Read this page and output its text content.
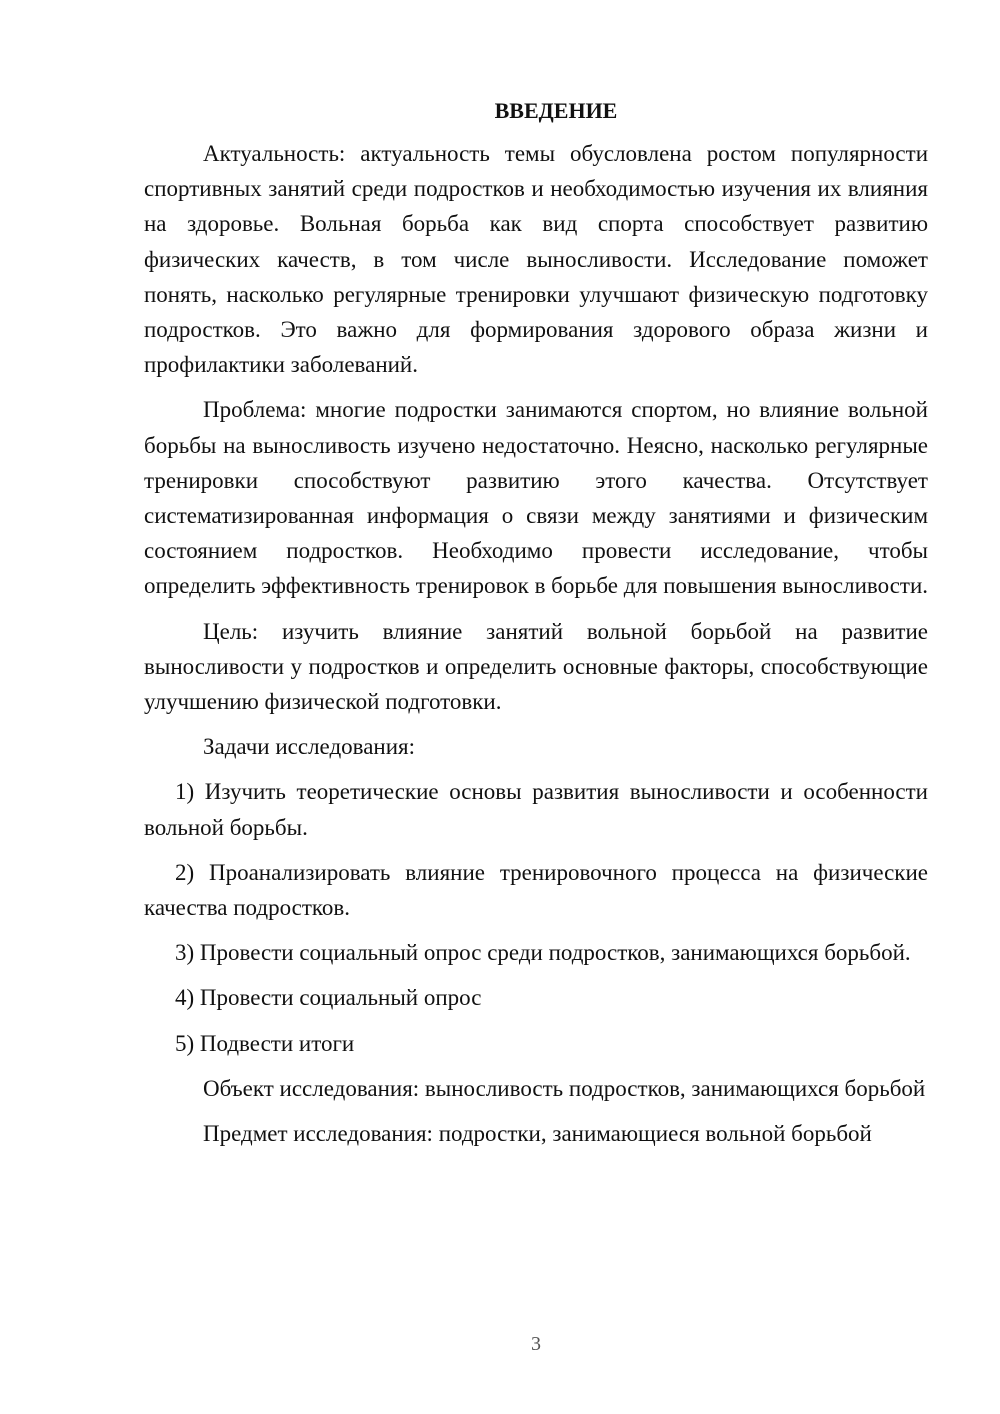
ВВЕДЕНИЕ

Актуальность: актуальность темы обусловлена ростом популярности спортивных занятий среди подростков и необходимостью изучения их влияния на здоровье. Вольная борьба как вид спорта способствует развитию физических качеств, в том числе выносливости. Исследование поможет понять, насколько регулярные тренировки улучшают физическую подготовку подростков. Это важно для формирования здорового образа жизни и профилактики заболеваний.

Проблема: многие подростки занимаются спортом, но влияние вольной борьбы на выносливость изучено недостаточно. Неясно, насколько регулярные тренировки способствуют развитию этого качества. Отсутствует систематизированная информация о связи между занятиями и физическим состоянием подростков. Необходимо провести исследование, чтобы определить эффективность тренировок в борьбе для повышения выносливости.

Цель: изучить влияние занятий вольной борьбой на развитие выносливости у подростков и определить основные факторы, способствующие улучшению физической подготовки.

Задачи исследования:

1) Изучить теоретические основы развития выносливости и особенности вольной борьбы.

2) Проанализировать влияние тренировочного процесса на физические качества подростков.

3) Провести социальный опрос среди подростков, занимающихся борьбой.

4) Провести социальный опрос

5) Подвести итоги

Объект исследования: выносливость подростков, занимающихся борьбой

Предмет исследования: подростки, занимающиеся вольной борьбой

3
